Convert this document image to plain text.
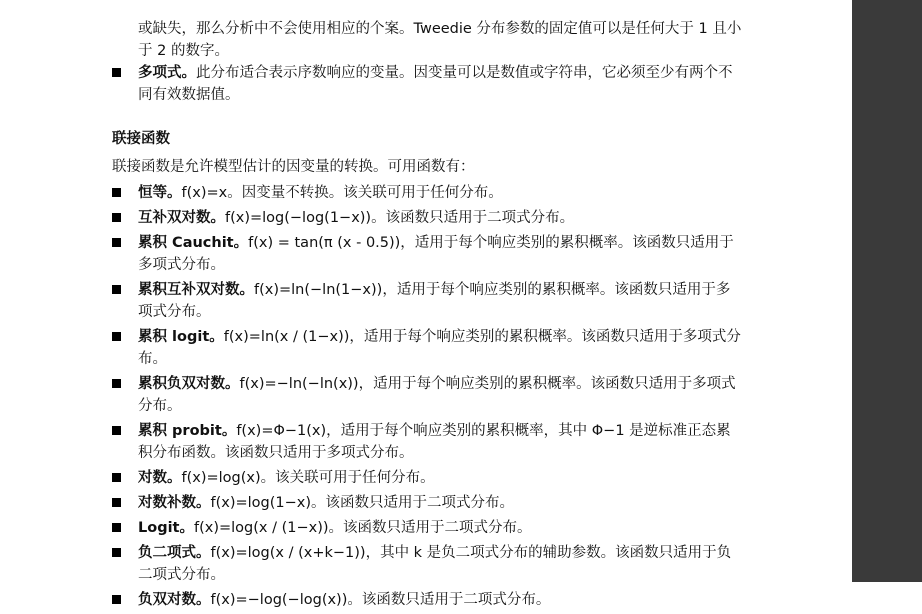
或缺失，那么分析中不会使用相应的个案。Tweedie 分布参数的固定值可以是任何大于 1 且小于 2 的数字。

多项式。此分布适合表示序数响应的变量。因变量可以是数值或字符串，它必须至少有两个不同有效数据值。
联接函数

联接函数是允许模型估计的因变量的转换。可用函数有：

恒等。f(x)=x。因变量不转换。该关联可用于任何分布。
互补双对数。f(x)=log(−log(1−x))。该函数只适用于二项式分布。
累积 Cauchit。f(x) = tan(π (x - 0.5))，适用于每个响应类别的累积概率。该函数只适用于多项式分布。
累积互补双对数。f(x)=ln(−ln(1−x))，适用于每个响应类别的累积概率。该函数只适用于多项式分布。
累积 logit。f(x)=ln(x / (1−x))，适用于每个响应类别的累积概率。该函数只适用于多项式分布。
累积负双对数。f(x)=−ln(−ln(x))，适用于每个响应类别的累积概率。该函数只适用于多项式分布。
累积 probit。f(x)=Φ−1(x)，适用于每个响应类别的累积概率，其中 Φ−1 是逆标准正态累积分布函数。该函数只适用于多项式分布。
对数。f(x)=log(x)。该关联可用于任何分布。
对数补数。f(x)=log(1−x)。该函数只适用于二项式分布。
Logit。f(x)=log(x / (1−x))。该函数只适用于二项式分布。
负二项式。f(x)=log(x / (x+k−1))，其中 k 是负二项式分布的辅助参数。该函数只适用于负二项式分布。
负双对数。f(x)=−log(−log(x))。该函数只适用于二项式分布。
